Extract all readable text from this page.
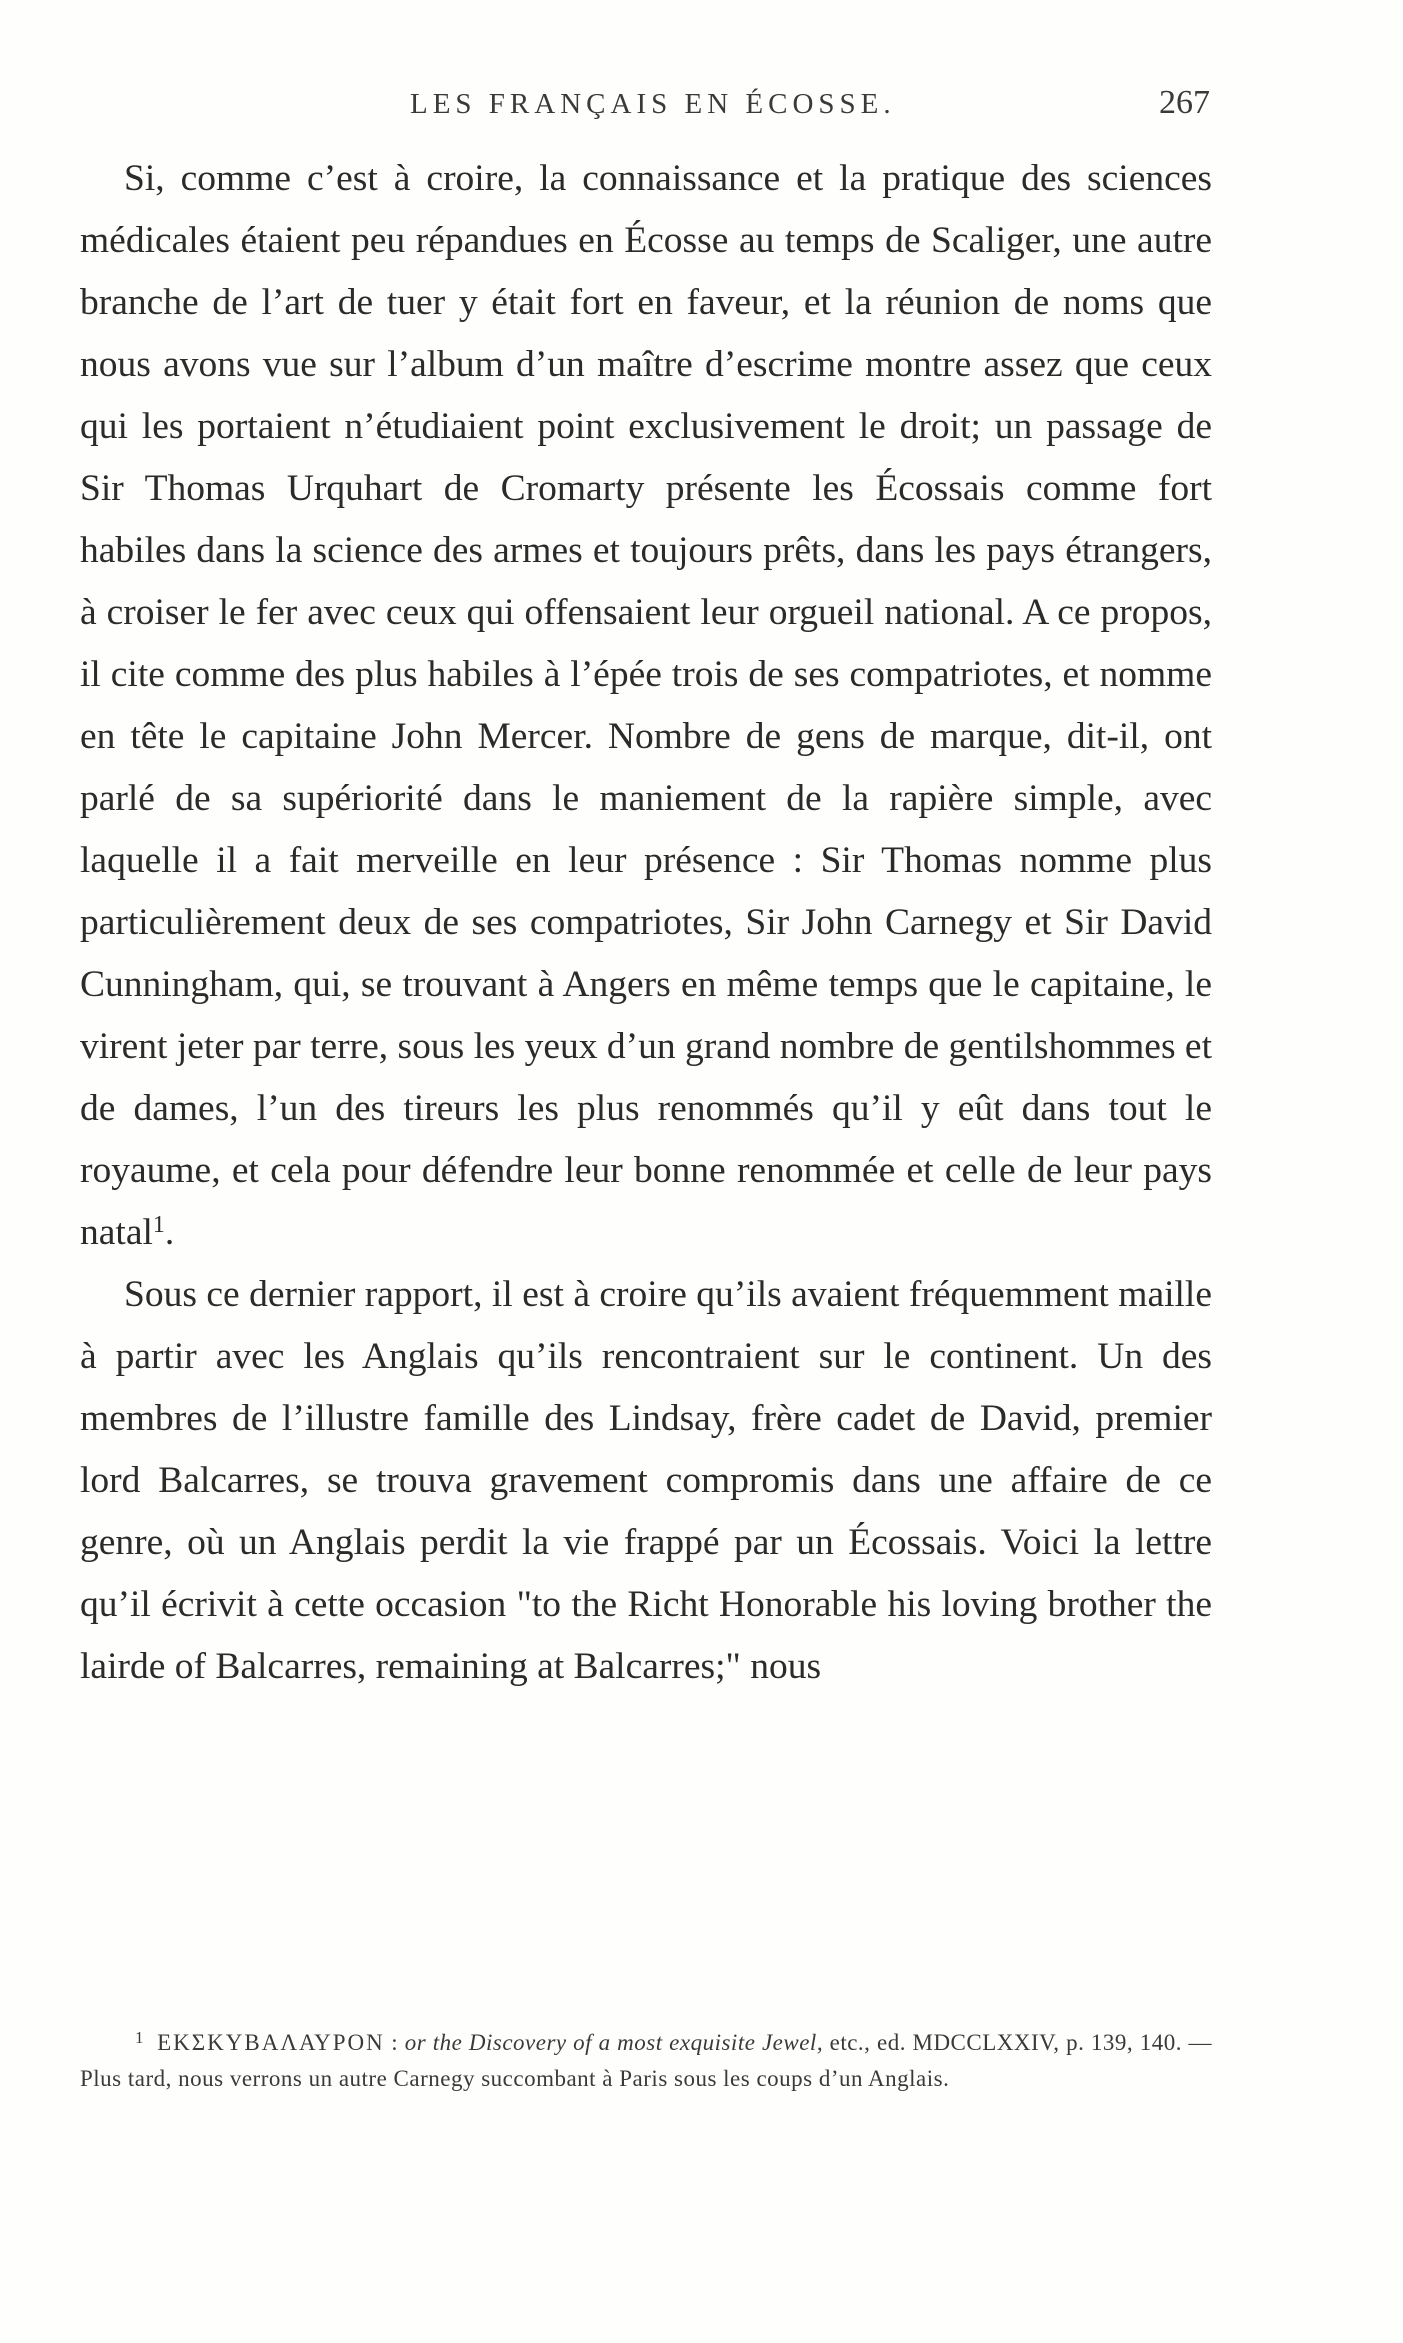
LES FRANÇAIS EN ÉCOSSE.	267

Si, comme c’est à croire, la connaissance et la pratique des sciences médicales étaient peu répandues en Écosse au temps de Scaliger, une autre branche de l’art de tuer y était fort en faveur, et la réunion de noms que nous avons vue sur l’album d’un maître d’escrime montre assez que ceux qui les portaient n’étudiaient point exclusivement le droit; un passage de Sir Thomas Urquhart de Cromarty présente les Écossais comme fort habiles dans la science des armes et toujours prêts, dans les pays étrangers, à croiser le fer avec ceux qui offensaient leur orgueil national. A ce propos, il cite comme des plus habiles à l’épée trois de ses compatriotes, et nomme en tête le capitaine John Mercer. Nombre de gens de marque, dit-il, ont parlé de sa supériorité dans le maniement de la rapière simple, avec laquelle il a fait merveille en leur présence : Sir Thomas nomme plus particulièrement deux de ses compatriotes, Sir John Carnegy et Sir David Cunningham, qui, se trouvant à Angers en même temps que le capitaine, le virent jeter par terre, sous les yeux d’un grand nombre de gentilshommes et de dames, l’un des tireurs les plus renommés qu’il y eût dans tout le royaume, et cela pour défendre leur bonne renommée et celle de leur pays natal$^1$.

Sous ce dernier rapport, il est à croire qu’ils avaient fréquemment maille à partir avec les Anglais qu’ils rencontraient sur le continent. Un des membres de l’illustre famille des Lindsay, frère cadet de David, premier lord Balcarres, se trouva gravement compromis dans une affaire de ce genre, où un Anglais perdit la vie frappé par un Écossais. Voici la lettre qu’il écrivit à cette occasion "to the Richt Honorable his loving brother the lairde of Balcarres, remaining at Balcarres;" nous

$^1$ ΕΚΣΚΥΒΑΛΑΥΡΟΝ : or the Discovery of a most exquisite Jewel, etc., ed. MDCCLXXIV, p. 139, 140. — Plus tard, nous verrons un autre Carnegy succombant à Paris sous les coups d’un Anglais.
